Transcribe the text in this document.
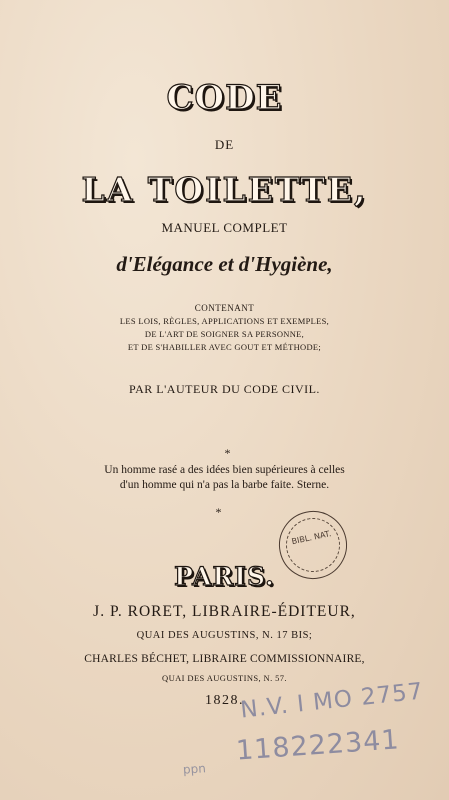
CODE
DE
LA TOILETTE,
MANUEL COMPLET
d'Elégance et d'Hygiène,
CONTENANT
LES LOIS, RÈGLES, APPLICATIONS ET EXEMPLES,
DE L'ART DE SOIGNER SA PERSONNE,
ET DE S'HABILLER AVEC GOUT ET MÉTHODE;
PAR L'AUTEUR DU CODE CIVIL.
*
Un homme rasé a des idées bien supérieures à celles
d'un homme qui n'a pas la barbe faite. Sterne.
*
BIBL. NAT.
PARIS.
J. P. RORET, LIBRAIRE-ÉDITEUR,
QUAI DES AUGUSTINS, N. 17 BIS;
CHARLES BÉCHET, LIBRAIRE COMMISSIONNAIRE,
QUAI DES AUGUSTINS, N. 57.
1828.
N.V. I MO 2757
118222341
ppn
